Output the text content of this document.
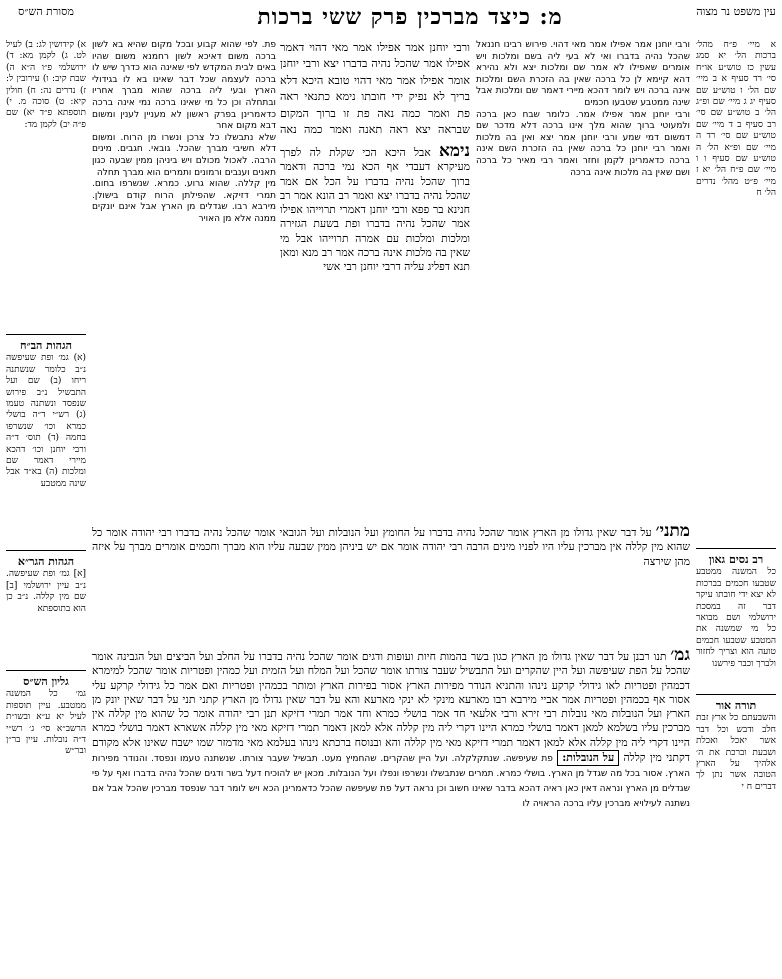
עין משפט נר מצוה
מ: כיצד מברכין פרק ששי ברכות
מסורת הש״ס

א מיי׳ פ״ח מהל׳ ברכות הל׳ יא סמג עשין כז טוש״ע או״ח סי׳ רד סעיף א ב מיי׳ שם הל׳ ו טוש״ע שם סעיף יג ג מיי׳ שם ופ״ג הל׳ ב טוש״ע שם סי׳ רב סעיף ב ד מיי׳ שם טוש״ע שם סי׳ רד ה מיי׳ שם ופ״א הל׳ ה טוש״ע שם סעיף ו ו מיי׳ שם פ״ח הל׳ יא ז מיי׳ פ״ט מהל׳ נדרים הל׳ ח

רב נסים גאון

כל המשנה ממטבע שטבעו חכמים בברכות לא יצא ידי חובתו עיקר דבר זה במסכת ירושלמי ושם מבואר כל מי שמשנה את המטבע שטבעו חכמים טועה הוא וצריך לחזור ולברך וכבר פירשנו

תורה אור

והשבעתם כל ארץ זבת חלב ודבש וכל דבר אשר יאכל ואכלת ושבעת וברכת את ה׳ אלהיך על הארץ הטובה אשר נתן לך דברים ח י

א) קידושין לג: ב) לעיל לט. ג) לקמן מא: ד) ירושלמי פ״ו ה״א ה) שבת קיב: ו) עירובין ל: ז) נדרים נה: ח) חולין קיא: ט) סוכה מ. י) תוספתא פ״ד יא) שם פ״ה יב) לקמן מד:

הגהות הב״ח

(א) גמ׳ ופת שעיפשה נ״ב כלומר שנשתנה ריחו (ב) שם ועל התבשיל נ״ב פירוש שנפסד ונשתנה טעמו (ג) רש״י ד״ה בושלי כמרא וכו׳ שנשרפו בחמה (ד) תוס׳ ד״ה ורבי יוחנן וכו׳ דהכא מיירי דאמר שם ומלכות (ה) בא״ד אבל שינה ממטבע

הגהות הגר״א

[א] גמ׳ ופת שעיפשה. נ״ב עיין ירושלמי [ב] שם מין קללה. נ״ב כן הוא בתוספתא

גליון הש״ס

גמ׳ כל המשנה ממטבע. עיין תוספות לעיל יא ע״א ובשו״ת הרשב״א סי׳ ג׳ רש״י ד״ה נובלות. עיין בר״ן ובר״ש

ורבי יוחנן אמר אפילו אמר מאי דהוי. פירוש רבינו חננאל שהכל נהיה בדברו ואי לא בעי ליה בשם ומלכות ויש אומרים שאפילו לא אמר שם ומלכות יצא ולא נהירא דהא קיימא לן כל ברכה שאין בה הזכרת השם ומלכות אינה ברכה ויש לומר דהכא מיירי דאמר שם ומלכות אבל שינה ממטבע שטבעו חכמים

ורבי יוחנן אמר אפילו אמר. כלומר שבח כאן ברכה ולמעוטי ברוך שהוא מלך אינו ברכה דלא מדכר שם דמשום דמי שמע ורבי יוחנן אמר יצא ואין בה מלכות ואמר רבי יוחנן כל ברכה שאין בה הזכרת השם אינה ברכה כדאמרינן לקמן וחזר ואמר רבי מאיר כל ברכה ושם שאין בה מלכות אינה ברכה

ורבי יוחנן אמר אפילו אמר מאי דהוי דאמר אפילו אמר שהכל נהיה בדברו יצא ורבי יוחנן אומר אפילו אמר מאי דהוי טובא היכא דלא בריך לא נפיק ידי חובתו נימא כתנאי ראה פת ואמר כמה נאה פת זו ברוך המקום שבראה יצא ראה תאנה ואמר כמה נאה

פת. לפי שהוא קבוע ובכל מקום שהיא בא לשון ברכה משום דאיכא לשון רחמנא משום שהיו באים לבית המקדש לפי שאינה הוא כדרך שיש לו ברכה לעצמה שכל דבר שאינו בא לו בגידולי הארץ ובעי ליה ברכה שהוא מברך אחריו ובתחלה וכן כל מי שאינו ברכה נמי אינה ברכה כדאמרינן בפרק ראשון לא מעניין לענין ומשום דבא מקום אחר

שלא נתבשלו כל צרכן ונשרו מן הרוח. ומשום דלא חשיבי מברך שהכל. גובאי. חגבים. מינים הרבה. לאכול מכולם ויש ביניהן ממין שבעה כגון תאנים וענבים ורמונים ותמרים הוא מברך תחלה

מין קללה. שהוא גרוע. כמרא. שנשרפו בחום. תמרי דזיקא. שהפילתן הרוח קודם בישולן. מירבא רבו. שגדלים מן הארץ אבל אינם יונקים ממנה אלא מן האויר

נימא אבל היכא הכי שקלת לה לפרך מעיקרא דעבדי אף הכא נמי ברכה ודאמר ברוך שהכל נהיה בדברו על הכל אם אמר שהכל נהיה בדברו יצא ואמר רב הונא אמר רב חנינא בר פפא ורבי יוחנן דאמרי תרוייהו אפילו אמר שהכל נהיה בדברו ופת בשעת הגזירה ומלכות ומלכות עם אמרה תרוייהו אבל מי שאין בה מלכות אינה ברכה אמר רב מנא ומאן תנא דפליג עליה דרבי יוחנן רבי אשי

מתני׳ על דבר שאין גדולו מן הארץ אומר שהכל נהיה בדברו על החומץ ועל הנובלות ועל הגובאי אומר שהכל נהיה בדברו רבי יהודה אומר כל שהוא מין קללה אין מברכין עליו היו לפניו מינים הרבה רבי יהודה אומר אם יש ביניהן ממין שבעה עליו הוא מברך וחכמים אומרים מברך על איזה מהן שירצה

גמ׳ תנו רבנן על דבר שאין גדולו מן הארץ כגון בשר בהמות חיות ועופות ודגים אומר שהכל נהיה בדברו על החלב ועל הביצים ועל הגבינה אומר שהכל על הפת שעיפשה ועל היין שהקרים ועל התבשיל שעבר צורתו אומר שהכל ועל המלח ועל הזמית ועל כמהין ופטריות אומר שהכל למימרא דכמהין ופטריות לאו גידולי קרקע נינהו והתניא הנודר מפירות הארץ אסור בפירות הארץ ומותר בכמהין ופטריות ואם אמר כל גידולי קרקע עלי אסור אף בכמהין ופטריות אמר אביי מירבא רבו מארעא מינקי לא ינקי מארעא והא על דבר שאין גדולו מן הארץ קתני תני על דבר שאין יונק מן הארץ ועל הנובלות מאי נובלות רבי זירא ורבי אלעאי חד אמר בושלי כמרא וחד אמר תמרי דזיקא תנן רבי יהודה אומר כל שהוא מין קללה אין מברכין עליו בשלמא למאן דאמר בושלי כמרא היינו דקרי ליה מין קללה אלא למאן דאמר תמרי דזיקא מאי מין קללה אשארא דאמר בושלי כמרא היינו דקרי ליה מין קללה אלא למאן דאמר תמרי דזיקא מאי מין קללה והא ובנוסח ברכתא נינהו בעלמא מאי מדמזר שמו ישבח שאינו אלא מקודם דקתני מין קללה על הנובלות: פת שעיפשה. שנתקלקלה. ועל היין שהקרים. שהחמיץ מעט. תבשיל שעבר צורתו. שנשתנה טעמו ונפסד. והנודר מפירות הארץ. אסור בכל מה שגדל מן הארץ. בושלי כמרא. תמרים שנתבשלו ונשרפו ונפלו ועל הנובלות. מכאן יש להוכיח דעל בשר ודגים שהכל נהיה בדברו ואף על פי שגדלים מן הארץ ונראה דאין כאן ראיה דהכא בדבר שאינו חשוב וכן נראה דעל פת שעיפשה שהכל כדאמרינן הכא ויש לומר דבר שנפסד מברכין שהכל אבל אם נשתנה לעילויא מברכין עליו ברכה הראויה לו
